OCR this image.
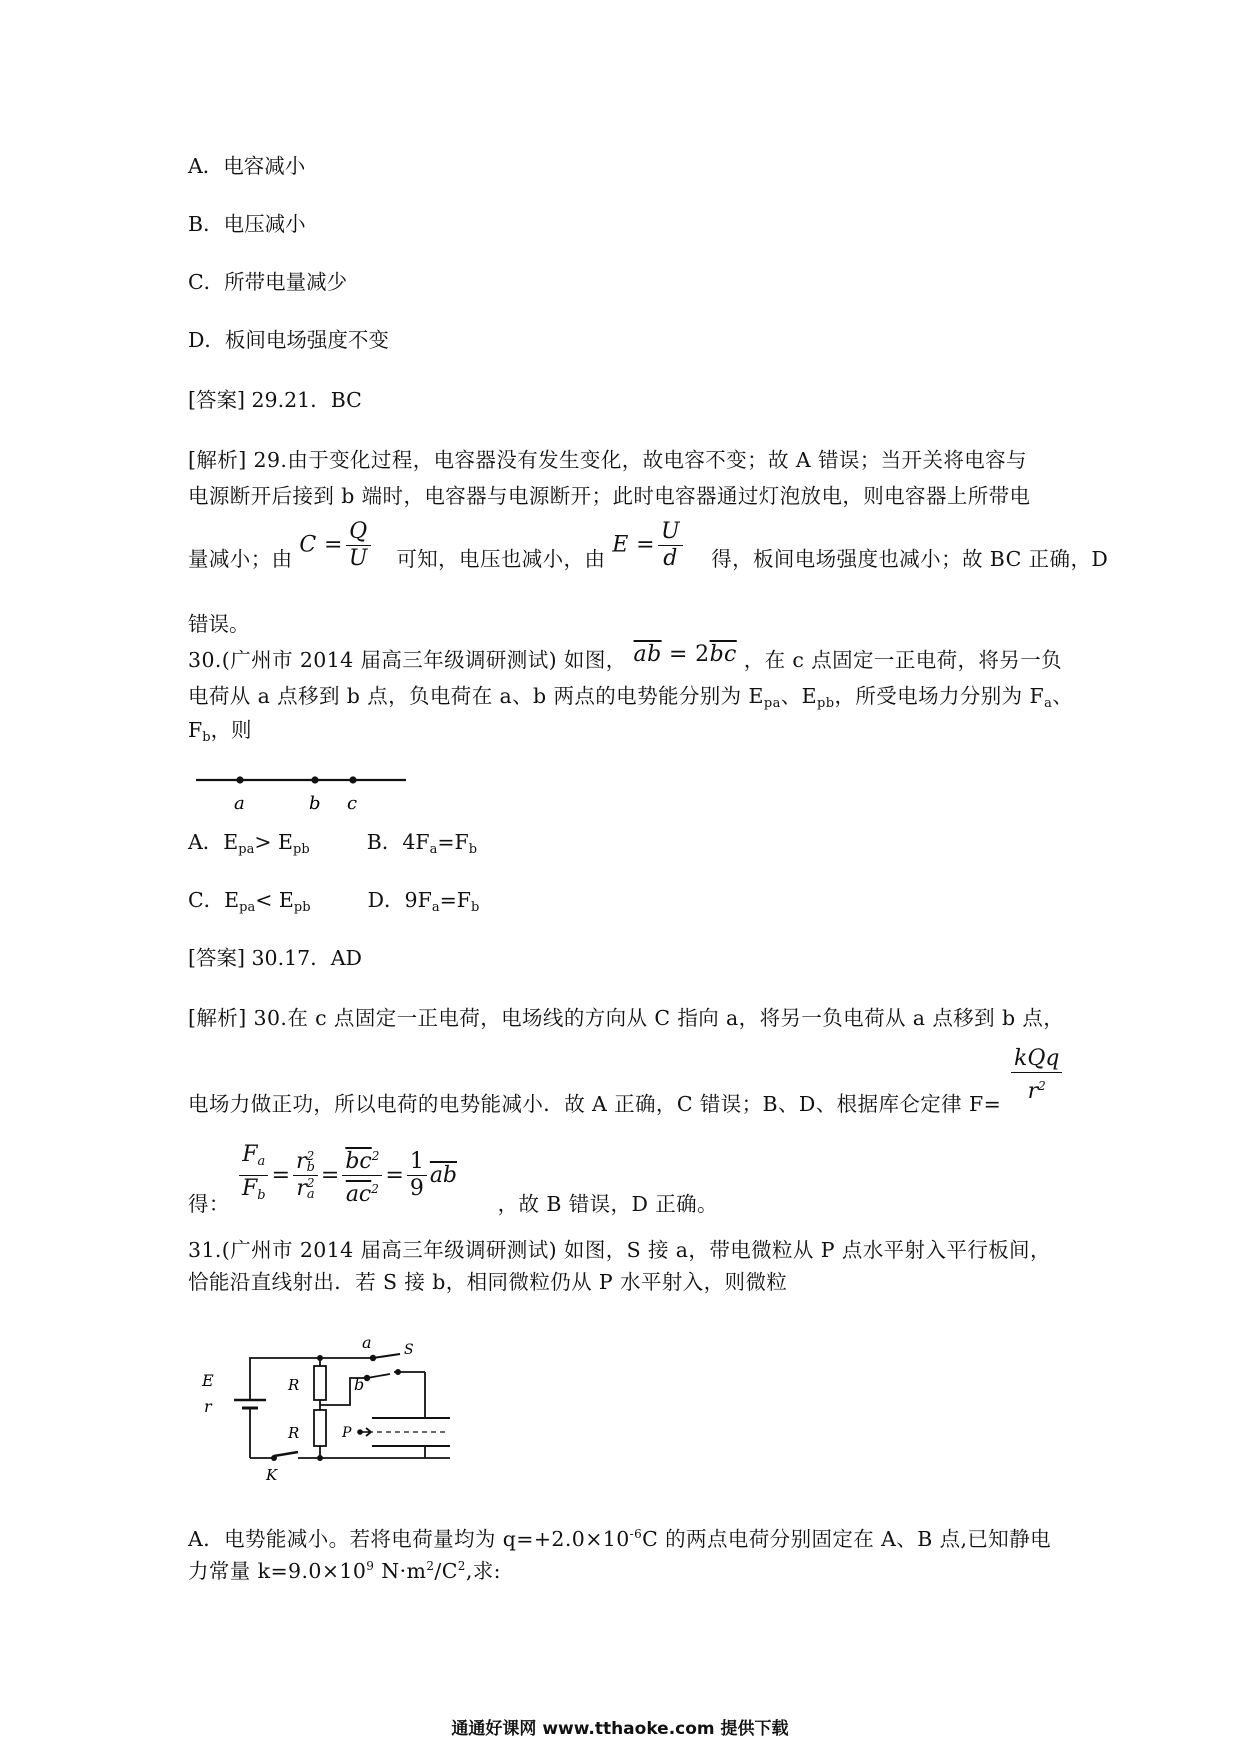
A．电容减小
B．电压减小
C．所带电量减少
D．板间电场强度不变
[答案] 29.21．BC
[解析] 29.由于变化过程，电容器没有发生变化，故电容不变；故 A 错误；当开关将电容与
电源断开后接到 b 端时，电容器与电源断开；此时电容器通过灯泡放电，则电容器上所带电
量减小；由 $C = \frac{Q}{U}$ 可知，电压也减小，由 $E = \frac{U}{d}$ 得，板间电场强度也减小；故 BC 正确，D
错误。
30.(广州市 2014 届高三年级调研测试) 如图， $\overline{ab} = 2\overline{bc}$ ，在 c 点固定一正电荷，将另一负
电荷从 a 点移到 b 点，负电荷在 a、b 两点的电势能分别为 $E_{pa}$、$E_{pb}$，所受电场力分别为 $F_a$、
$F_b$，则
a	b c
A．$E_{pa}> E_{pb}$	B．$4F_a=F_b$
C．$E_{pa}< E_{pb}$	D．$9F_a=F_b$
[答案] 30.17．AD
[解析] 30.在 c 点固定一正电荷，电场线的方向从 C 指向 a，将另一负电荷从 a 点移到 b 点，
$\frac{\text{kQq}}{r^2}$
电场力做正功，所以电荷的电势能减小．故 A 正确，C 错误；B、D、根据库仑定律 F=
$\frac{F_a}{F_b} = r$ 2
b
r 2
$a = \frac{\overline{bc}^2}{\overline{ac}^2} = \frac{1}{9} \overline{ab}$
得：	，故 B 错误，D 正确。
31.(广州市 2014 届高三年级调研测试) 如图，S 接 a，带电微粒从 P 点水平射入平行板间，
恰能沿直线射出．若 S 接 b，相同微粒仍从 P 水平射入，则微粒
E
r
R
R
a
b
S
P
K
A．电势能减小。若将电荷量均为 $q=+2.0\times 10^{-6}C$ 的两点电荷分别固定在 A、B 点,已知静电
力常量 $k=9.0\times 10^9$ $N\cdot m^2/C^2$,求:
通通好课网 www.tthaoke.com 提供下载
